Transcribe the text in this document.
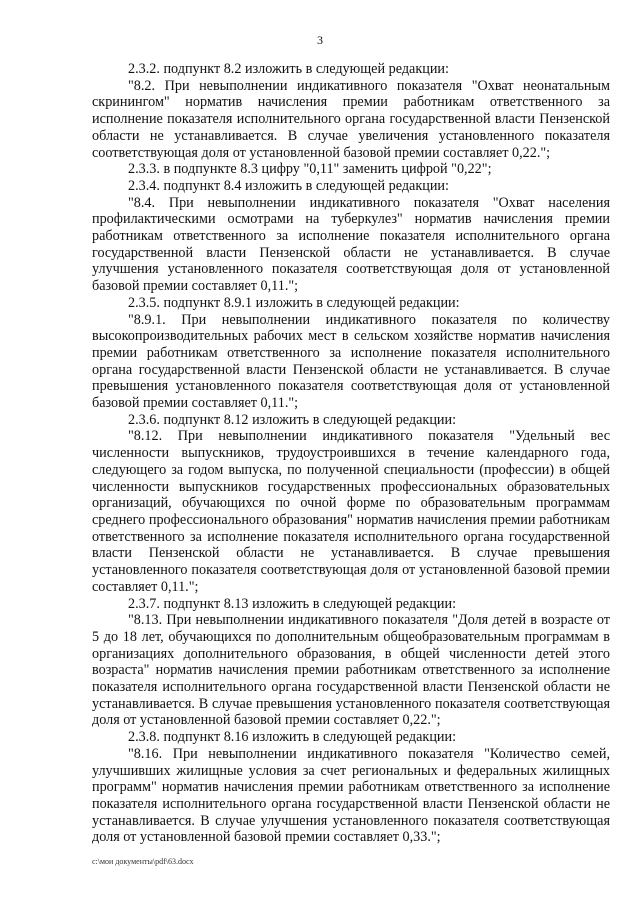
3

2.3.2. подпункт 8.2 изложить в следующей редакции:

"8.2. При невыполнении индикативного показателя "Охват неонатальным скринингом" норматив начисления премии работникам ответственного за исполнение показателя исполнительного органа государственной власти Пензенской области не устанавливается. В случае увеличения установленного показателя соответствующая доля от установленной базовой премии составляет 0,22.";

2.3.3. в подпункте 8.3 цифру "0,11" заменить цифрой "0,22";

2.3.4. подпункт 8.4 изложить в следующей редакции:

"8.4. При невыполнении индикативного показателя "Охват населения профилактическими осмотрами на туберкулез" норматив начисления премии работникам ответственного за исполнение показателя исполнительного органа государственной власти Пензенской области не устанавливается. В случае улучшения установленного показателя соответствующая доля от установленной базовой премии составляет 0,11.";

2.3.5. подпункт 8.9.1 изложить в следующей редакции:

"8.9.1. При невыполнении индикативного показателя по количеству высокопроизводительных рабочих мест в сельском хозяйстве норматив начисления премии работникам ответственного за исполнение показателя исполнительного органа государственной власти Пензенской области не устанавливается. В случае превышения установленного показателя соответствующая доля от установленной базовой премии составляет 0,11.";

2.3.6. подпункт 8.12 изложить в следующей редакции:

"8.12. При невыполнении индикативного показателя "Удельный вес численности выпускников, трудоустроившихся в течение календарного года, следующего за годом выпуска, по полученной специальности (профессии) в общей численности выпускников государственных профессиональных образовательных организаций, обучающихся по очной форме по образовательным программам среднего профессионального образования" норматив начисления премии работникам ответственного за исполнение показателя исполнительного органа государственной власти Пензенской области не устанавливается. В случае превышения установленного показателя соответствующая доля от установленной базовой премии составляет 0,11.";

2.3.7. подпункт 8.13 изложить в следующей редакции:

"8.13. При невыполнении индикативного показателя "Доля детей в возрасте от 5 до 18 лет, обучающихся по дополнительным общеобразовательным программам в организациях дополнительного образования, в общей численности детей этого возраста" норматив начисления премии работникам ответственного за исполнение показателя исполнительного органа государственной власти Пензенской области не устанавливается. В случае превышения установленного показателя соответствующая доля от установленной базовой премии составляет 0,22.";

2.3.8. подпункт 8.16 изложить в следующей редакции:

"8.16. При невыполнении индикативного показателя "Количество семей, улучшивших жилищные условия за счет региональных и федеральных жилищных программ" норматив начисления премии работникам ответственного за исполнение показателя исполнительного органа государственной власти Пензенской области не устанавливается. В случае улучшения установленного показателя соответствующая доля от установленной базовой премии составляет 0,33.";

c:\мои документы\pdf\63.docx
